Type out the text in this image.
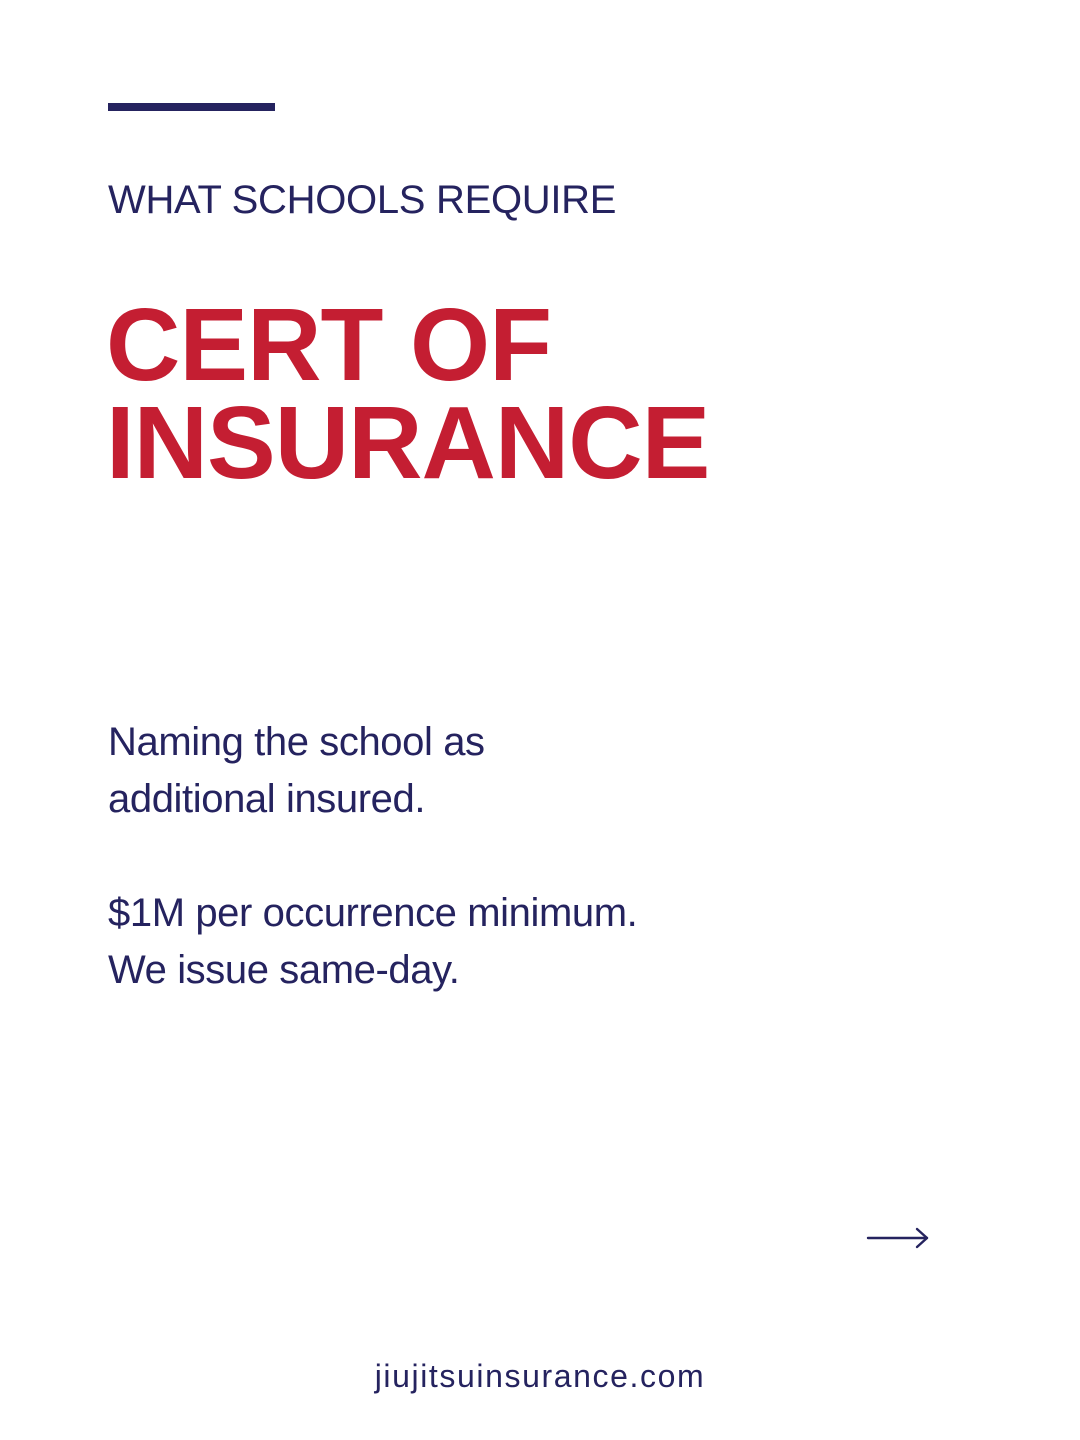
WHAT SCHOOLS REQUIRE
CERT OF
INSURANCE

Naming the school as
additional insured.

$1M per occurrence minimum.
We issue same-day.

jiujitsuinsurance.com
